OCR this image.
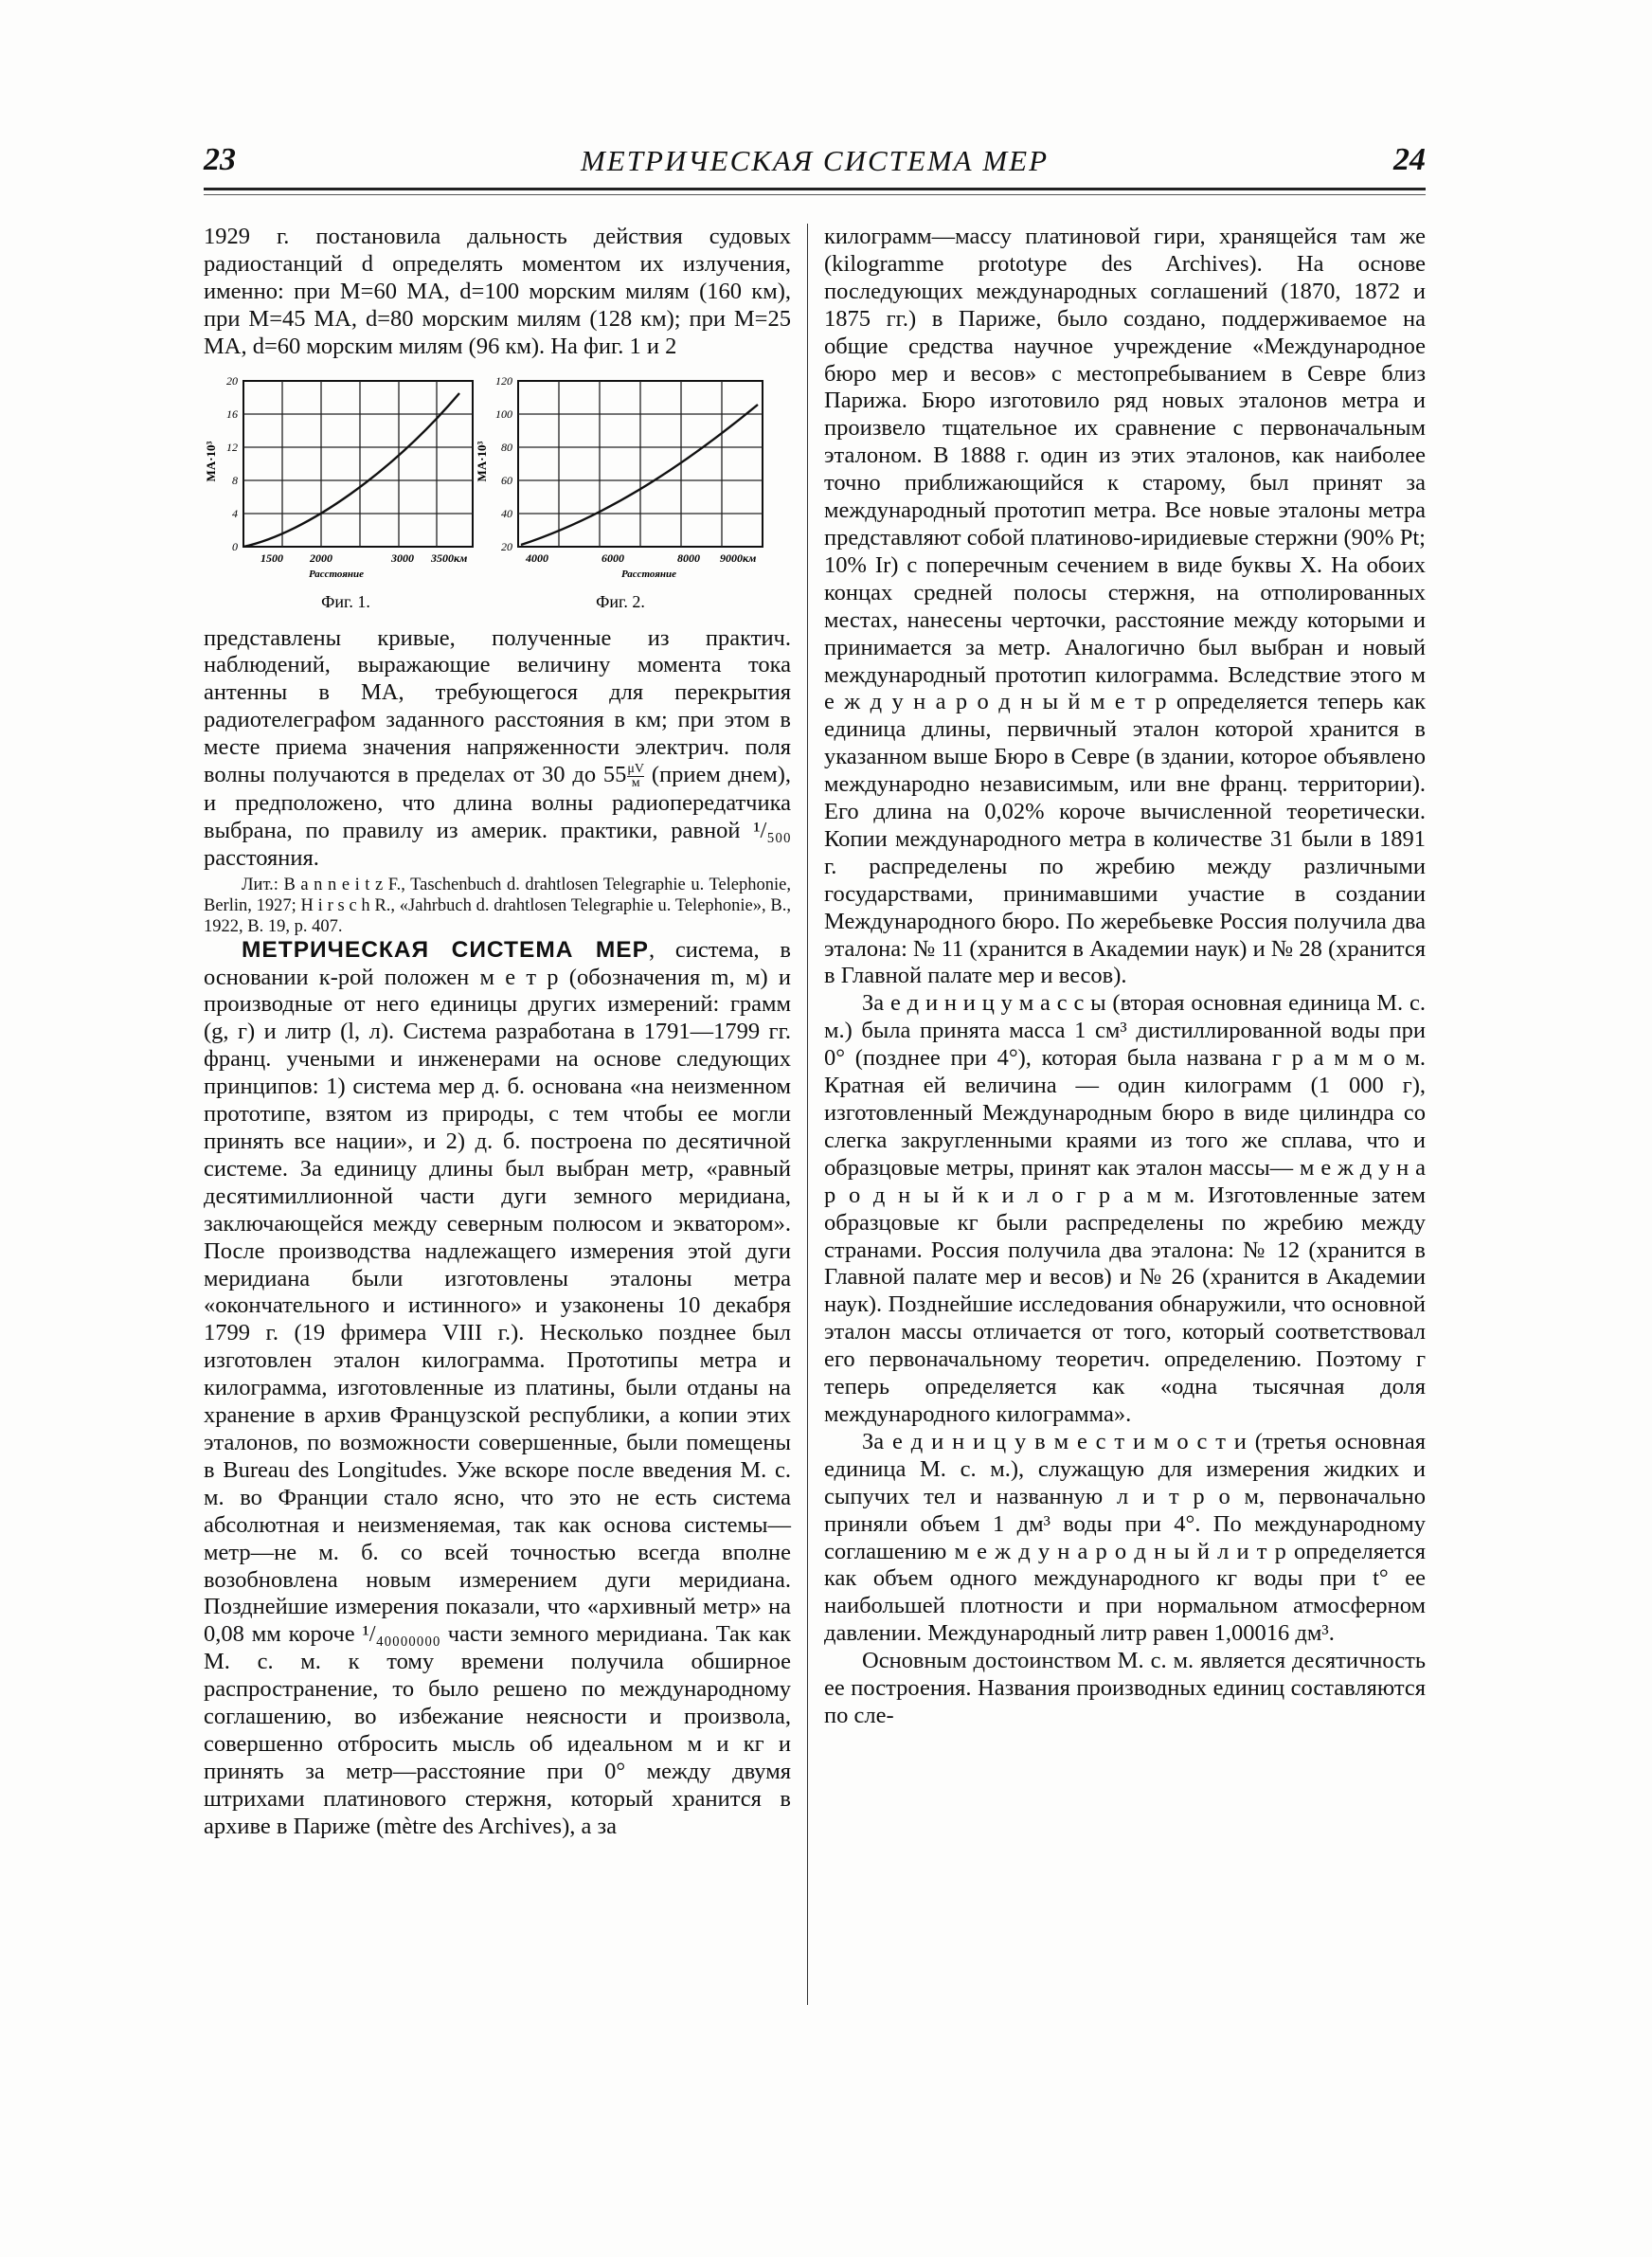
23	МЕТРИЧЕСКАЯ СИСТЕМА МЕР	24

1929 г. постановила дальность действия судовых радиостанций d определять моментом их излучения, именно: при M=60 MA, d=100 морским милям (160 км), при M=45 MA, d=80 морским милям (128 км); при M=25 MA, d=60 морским милям (96 км). На фиг. 1 и 2

MA·10³
20
16
12
8
4
0
1500 2000	3000 3500км
Расстояние
Фиг. 1.
MA·10³
120
100
80
60
40
20
4000	6000	8000 9000км
Расстояние
Фиг. 2.

представлены кривые, полученные из практич. наблюдений, выражающие величину момента тока антенны в MA, требующегося для перекрытия радиотелеграфом заданного расстояния в км; при этом в месте приема значения напряженности электрич. поля волны получаются в пределах от 30 до 55 μV
м (прием днем), и предположено, что длина волны радиопередатчика выбрана, по правилу из америк. практики, равной ¹/₅₀₀ расстояния.

Лит.: B a n n e i t z F., Taschenbuch d. drahtlosen Telegraphie u. Telephonie, Berlin, 1927; H i r s c h R., «Jahrbuch d. drahtlosen Telegraphie u. Telephonie», B., 1922, B. 19, p. 407.

МЕТРИЧЕСКАЯ СИСТЕМА МЕР, система, в основании к-рой положен м е т р (обозначения m, м) и производные от него единицы других измерений: грамм (g, г) и литр (l, л). Система разработана в 1791—1799 гг. франц. учеными и инженерами на основе следующих принципов: 1) система мер д. б. основана «на неизменном прототипе, взятом из природы, с тем чтобы ее могли принять все нации», и 2) д. б. построена по десятичной системе. За единицу длины был выбран метр, «равный десятимиллионной части дуги земного меридиана, заключающейся между северным полюсом и экватором». После производства надлежащего измерения этой дуги меридиана были изготовлены эталоны метра «окончательного и истинного» и узаконены 10 декабря 1799 г. (19 фримера VIII г.). Несколько позднее был изготовлен эталон килограмма. Прототипы метра и килограмма, изготовленные из платины, были отданы на хранение в архив Французской республики, а копии этих эталонов, по возможности совершенные, были помещены в Bureau des Longitudes. Уже вскоре после введения М. с. м. во Франции стало ясно, что это не есть система абсолютная и неизменяемая, так как основа системы—метр—не м. б. со всей точностью всегда вполне возобновлена новым измерением дуги меридиана. Позднейшие измерения показали, что «архивный метр» на 0,08 мм короче ¹/₄₀₀₀₀₀₀₀ части земного меридиана. Так как М. с. м. к тому времени получила обширное распространение, то было решено по международному соглашению, во избежание неясности и произвола, совершенно отбросить мысль об идеальном м и кг и принять за метр—расстояние при 0° между двумя штрихами платинового стержня, который хранится в архиве в Париже (mètre des Archives), а за

килограмм—массу платиновой гири, хранящейся там же (kilogramme prototype des Archives). На основе последующих международных соглашений (1870, 1872 и 1875 гг.) в Париже, было создано, поддерживаемое на общие средства научное учреждение «Международное бюро мер и весов» с местопребыванием в Севре близ Парижа. Бюро изготовило ряд новых эталонов метра и произвело тщательное их сравнение с первоначальным эталоном. В 1888 г. один из этих эталонов, как наиболее точно приближающийся к старому, был принят за международный прототип метра. Все новые эталоны метра представляют собой платиново-иридиевые стержни (90% Pt; 10% Ir) с поперечным сечением в виде буквы X. На обоих концах средней полосы стержня, на отполированных местах, нанесены черточки, расстояние между которыми и принимается за метр. Аналогично был выбран и новый международный прототип килограмма. Вследствие этого м е ж д у н а р о д н ы й м е т р определяется теперь как единица длины, первичный эталон которой хранится в указанном выше Бюро в Севре (в здании, которое объявлено международно независимым, или вне франц. территории). Его длина на 0,02% короче вычисленной теоретически. Копии международного метра в количестве 31 были в 1891 г. распределены по жребию между различными государствами, принимавшими участие в создании Международного бюро. По жеребьевке Россия получила два эталона: № 11 (хранится в Академии наук) и № 28 (хранится в Главной палате мер и весов).

За е д и н и ц у м а с с ы (вторая основная единица М. с. м.) была принята масса 1 см³ дистиллированной воды при 0° (позднее при 4°), которая была названа г р а м м о м. Кратная ей величина — один килограмм (1 000 г), изготовленный Международным бюро в виде цилиндра со слегка закругленными краями из того же сплава, что и образцовые метры, принят как эталон массы— м е ж д у н а р о д н ы й к и л о г р а м м. Изготовленные затем образцовые кг были распределены по жребию между странами. Россия получила два эталона: № 12 (хранится в Главной палате мер и весов) и № 26 (хранится в Академии наук). Позднейшие исследования обнаружили, что основной эталон массы отличается от того, который соответствовал его первоначальному теоретич. определению. Поэтому г теперь определяется как «одна тысячная доля международного килограмма».

За е д и н и ц у в м е с т и м о с т и (третья основная единица М. с. м.), служащую для измерения жидких и сыпучих тел и названную л и т р о м, первоначально приняли объем 1 дм³ воды при 4°. По международному соглашению м е ж д у н а р о д н ы й л и т р определяется как объем одного международного кг воды при t° ее наибольшей плотности и при нормальном атмосферном давлении. Международный литр равен 1,00016 дм³.

Основным достоинством М. с. м. является десятичность ее построения. Названия производных единиц составляются по сле-
